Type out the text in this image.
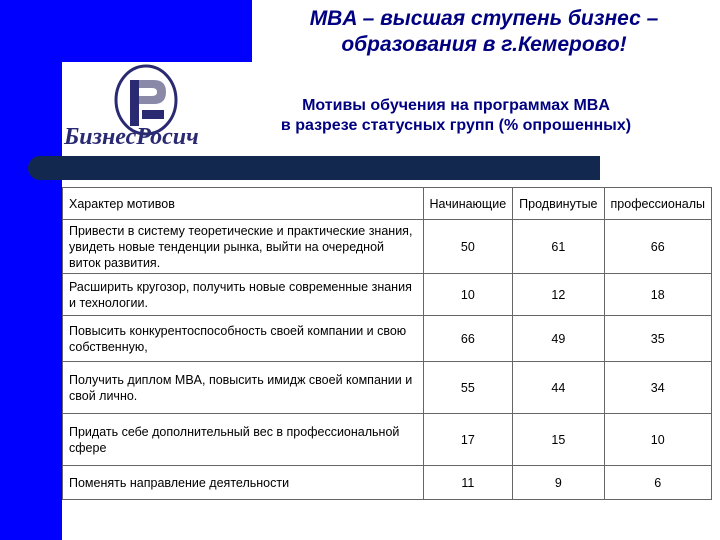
MBA – высшая ступень бизнес –
образования в г.Кемерово!
БизнесРосич
Мотивы обучения на программах MBA
в разрезе статусных групп (% опрошенных)
Характер мотивов	Начинающие	Продвинутые	профессионалы
Привести в систему теоретические и практические знания, увидеть новые тенденции рынка, выйти на очередной виток развития.	50	61	66
Расширить кругозор, получить новые современные знания и технологии.	10	12	18
Повысить конкурентоспособность своей компании и свою собственную,	66	49	35
Получить диплом MBA, повысить имидж своей компании и свой лично.	55	44	34
Придать себе дополнительный вес в профессиональной сфере	17	15	10
Поменять направление деятельности	11	9	6
